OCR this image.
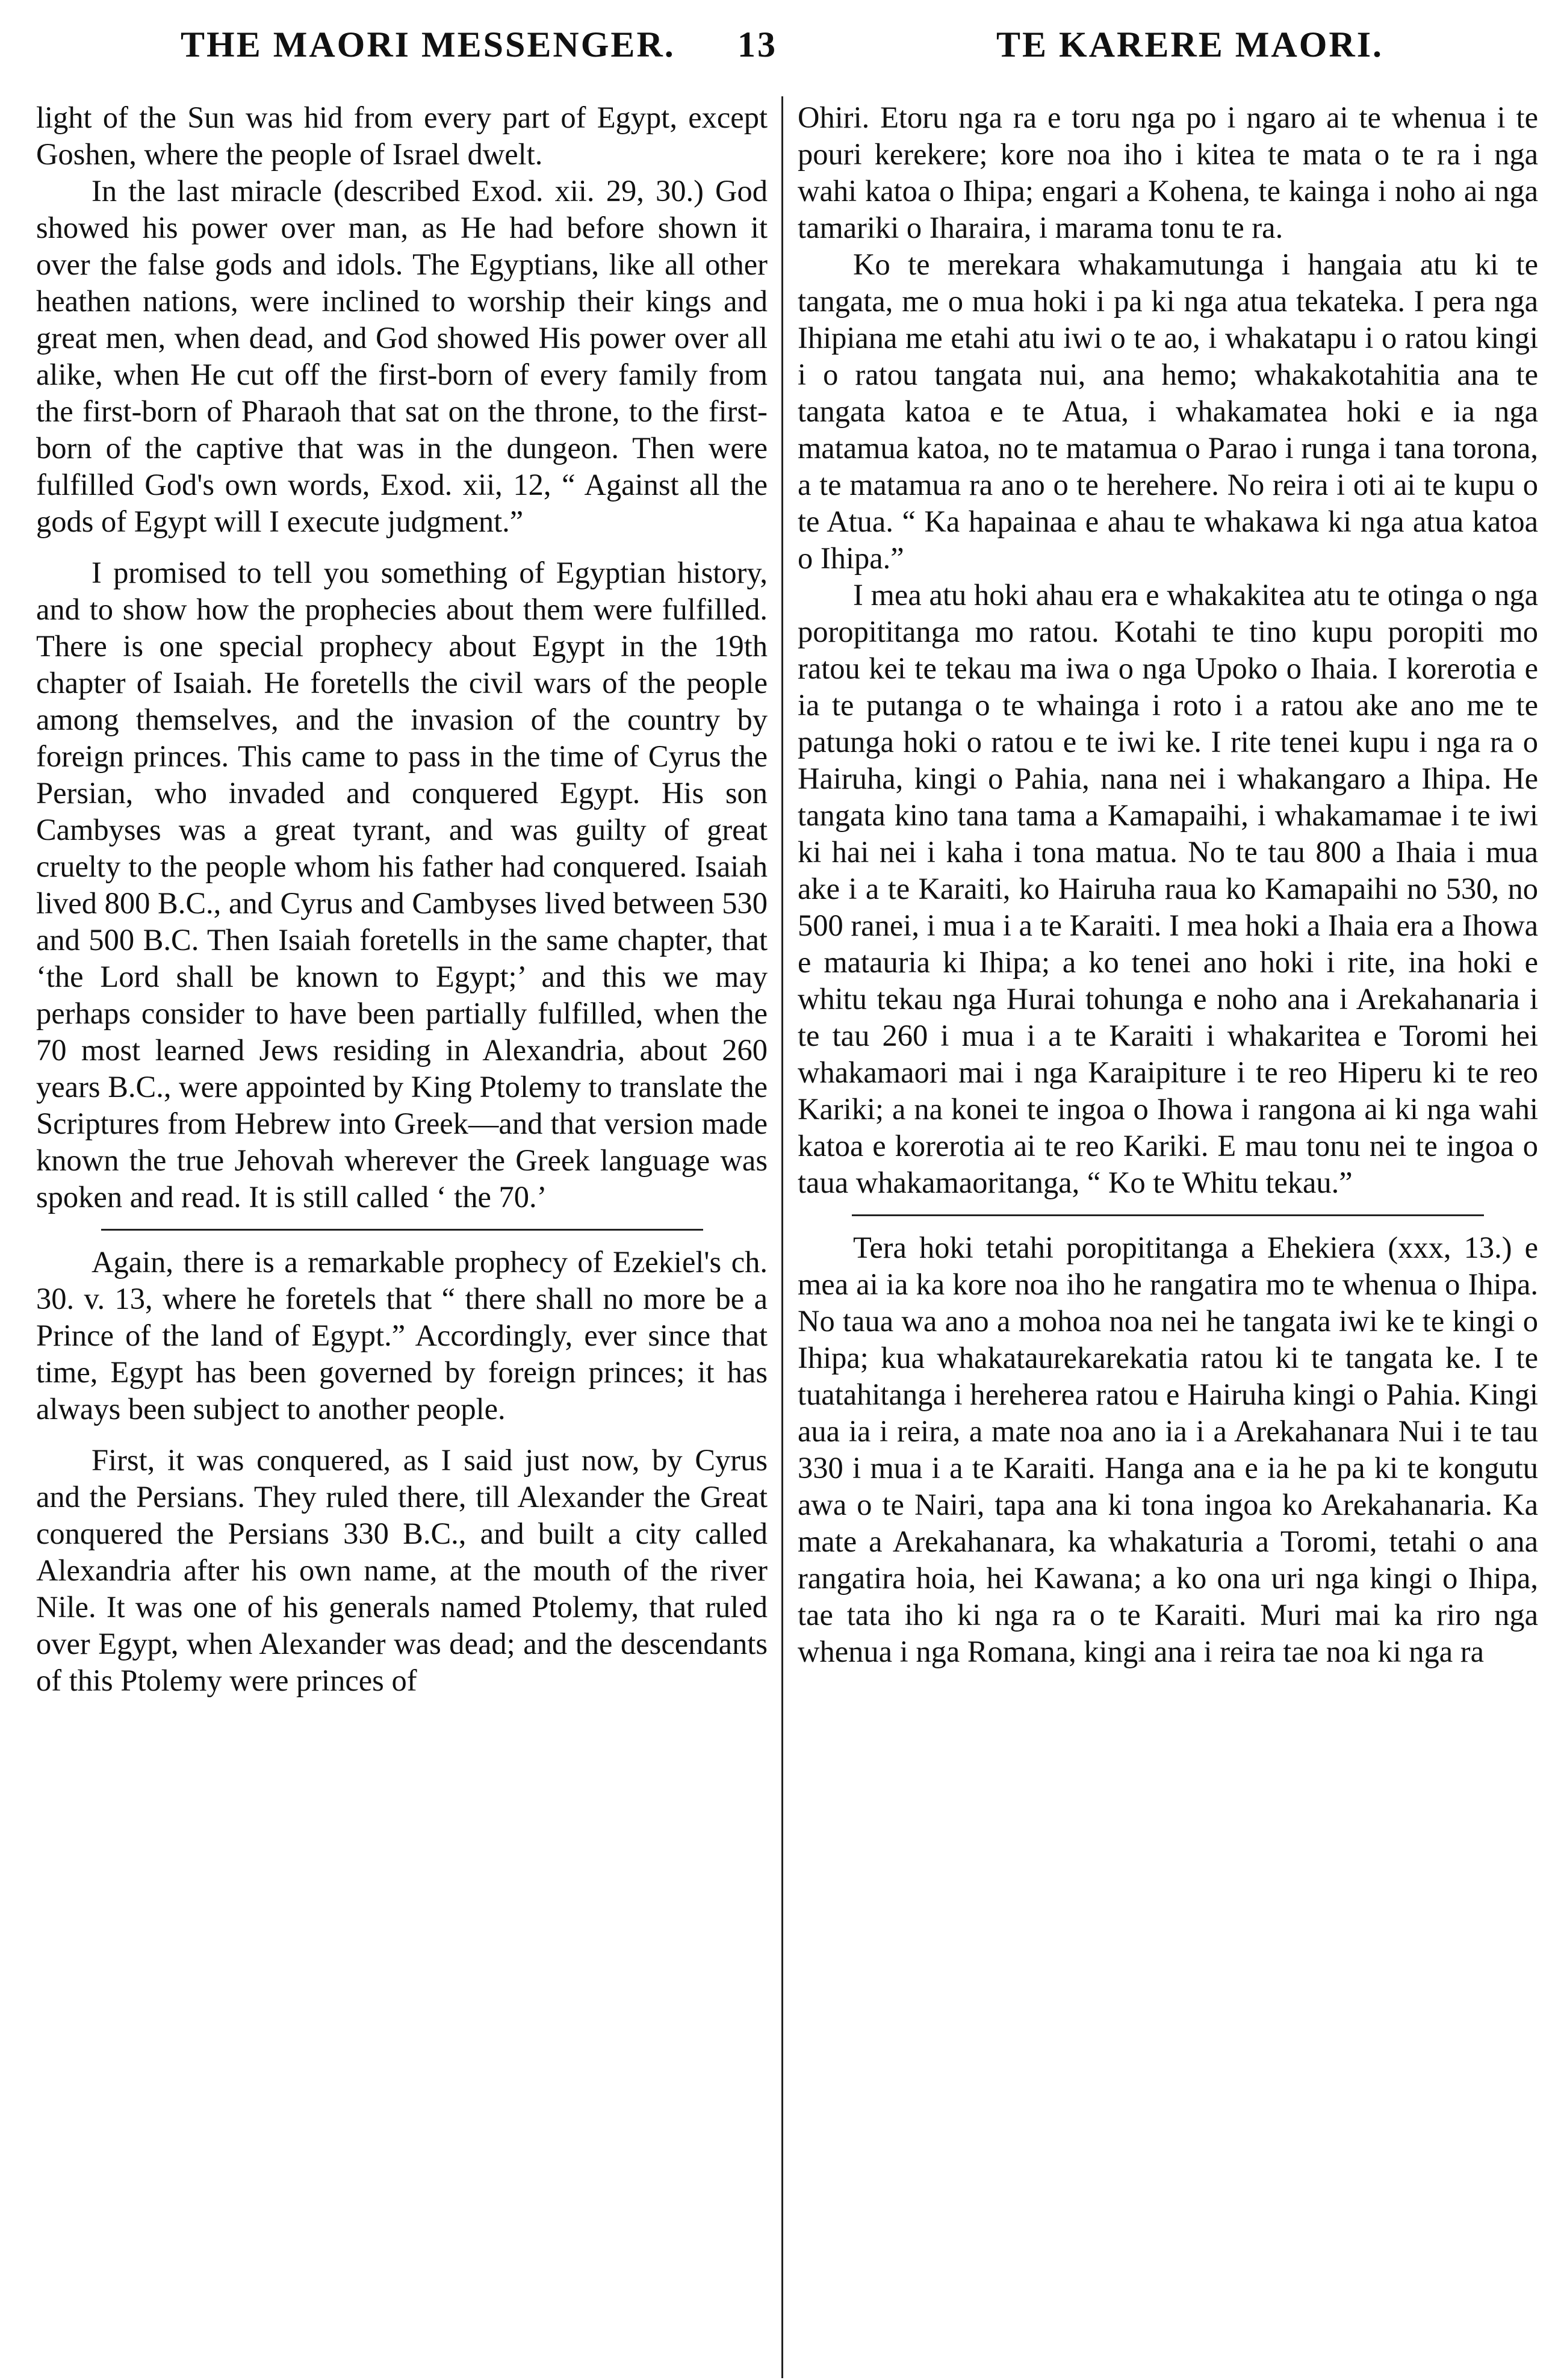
THE MAORI MESSENGER. 13	TE KARERE MAORI.

light of the Sun was hid from every part of Egypt, except Goshen, where the people of Israel dwelt.

In the last miracle (described Exod. xii. 29, 30.) God showed his power over man, as He had before shown it over the false gods and idols. The Egyptians, like all other heathen nations, were inclined to worship their kings and great men, when dead, and God showed His power over all alike, when He cut off the first-born of every family from the first-born of Pharaoh that sat on the throne, to the first-born of the captive that was in the dungeon. Then were fulfilled God's own words, Exod. xii, 12, “ Against all the gods of Egypt will I execute judgment.”

I promised to tell you something of Egyptian history, and to show how the prophecies about them were fulfilled. There is one special prophecy about Egypt in the 19th chapter of Isaiah. He foretells the civil wars of the people among themselves, and the invasion of the country by foreign princes. This came to pass in the time of Cyrus the Persian, who invaded and conquered Egypt. His son Cambyses was a great tyrant, and was guilty of great cruelty to the people whom his father had conquered. Isaiah lived 800 B.C., and Cyrus and Cambyses lived between 530 and 500 B.C. Then Isaiah foretells in the same chapter, that ‘the Lord shall be known to Egypt;’ and this we may perhaps consider to have been partially fulfilled, when the 70 most learned Jews residing in Alexandria, about 260 years B.C., were appointed by King Ptolemy to translate the Scriptures from Hebrew into Greek—and that version made known the true Jehovah wherever the Greek language was spoken and read. It is still called ‘ the 70.’

Again, there is a remarkable prophecy of Ezekiel's ch. 30. v. 13, where he foretels that “ there shall no more be a Prince of the land of Egypt.” Accordingly, ever since that time, Egypt has been governed by foreign princes; it has always been subject to another people.

First, it was conquered, as I said just now, by Cyrus and the Persians. They ruled there, till Alexander the Great conquered the Persians 330 B.C., and built a city called Alexandria after his own name, at the mouth of the river Nile. It was one of his generals named Ptolemy, that ruled over Egypt, when Alexander was dead; and the descendants of this Ptolemy were princes of

Ohiri. Etoru nga ra e toru nga po i ngaro ai te whenua i te pouri kerekere; kore noa iho i kitea te mata o te ra i nga wahi katoa o Ihipa; engari a Kohena, te kainga i noho ai nga tamariki o Iharaira, i marama tonu te ra.

Ko te merekara whakamutunga i hangaia atu ki te tangata, me o mua hoki i pa ki nga atua tekateka. I pera nga Ihipiana me etahi atu iwi o te ao, i whakatapu i o ratou kingi i o ratou tangata nui, ana hemo; whakakotahitia ana te tangata katoa e te Atua, i whakamatea hoki e ia nga matamua katoa, no te matamua o Parao i runga i tana torona, a te matamua ra ano o te herehere. No reira i oti ai te kupu o te Atua. “ Ka hapainaa e ahau te whakawa ki nga atua katoa o Ihipa.”

I mea atu hoki ahau era e whakakitea atu te otinga o nga poropititanga mo ratou. Kotahi te tino kupu poropiti mo ratou kei te tekau ma iwa o nga Upoko o Ihaia. I korerotia e ia te putanga o te whainga i roto i a ratou ake ano me te patunga hoki o ratou e te iwi ke. I rite tenei kupu i nga ra o Hairuha, kingi o Pahia, nana nei i whakangaro a Ihipa. He tangata kino tana tama a Kamapaihi, i whakamamae i te iwi ki hai nei i kaha i tona matua. No te tau 800 a Ihaia i mua ake i a te Karaiti, ko Hairuha raua ko Kamapaihi no 530, no 500 ranei, i mua i a te Karaiti. I mea hoki a Ihaia era a Ihowa e matauria ki Ihipa; a ko tenei ano hoki i rite, ina hoki e whitu tekau nga Hurai tohunga e noho ana i Arekahanaria i te tau 260 i mua i a te Karaiti i whakaritea e Toromi hei whakamaori mai i nga Karaipiture i te reo Hiperu ki te reo Kariki; a na konei te ingoa o Ihowa i rangona ai ki nga wahi katoa e korerotia ai te reo Kariki. E mau tonu nei te ingoa o taua whakamaoritanga, “ Ko te Whitu tekau.”

Tera hoki tetahi poropititanga a Ehekiera (xxx, 13.) e mea ai ia ka kore noa iho he rangatira mo te whenua o Ihipa. No taua wa ano a mohoa noa nei he tangata iwi ke te kingi o Ihipa; kua whakataurekarekatia ratou ki te tangata ke. I te tuatahitanga i hereherea ratou e Hairuha kingi o Pahia. Kingi aua ia i reira, a mate noa ano ia i a Arekahanara Nui i te tau 330 i mua i a te Karaiti. Hanga ana e ia he pa ki te kongutu awa o te Nairi, tapa ana ki tona ingoa ko Arekahanaria. Ka mate a Arekahanara, ka whakaturia a Toromi, tetahi o ana rangatira hoia, hei Kawana; a ko ona uri nga kingi o Ihipa, tae tata iho ki nga ra o te Karaiti. Muri mai ka riro nga whenua i nga Romana, kingi ana i reira tae noa ki nga ra
